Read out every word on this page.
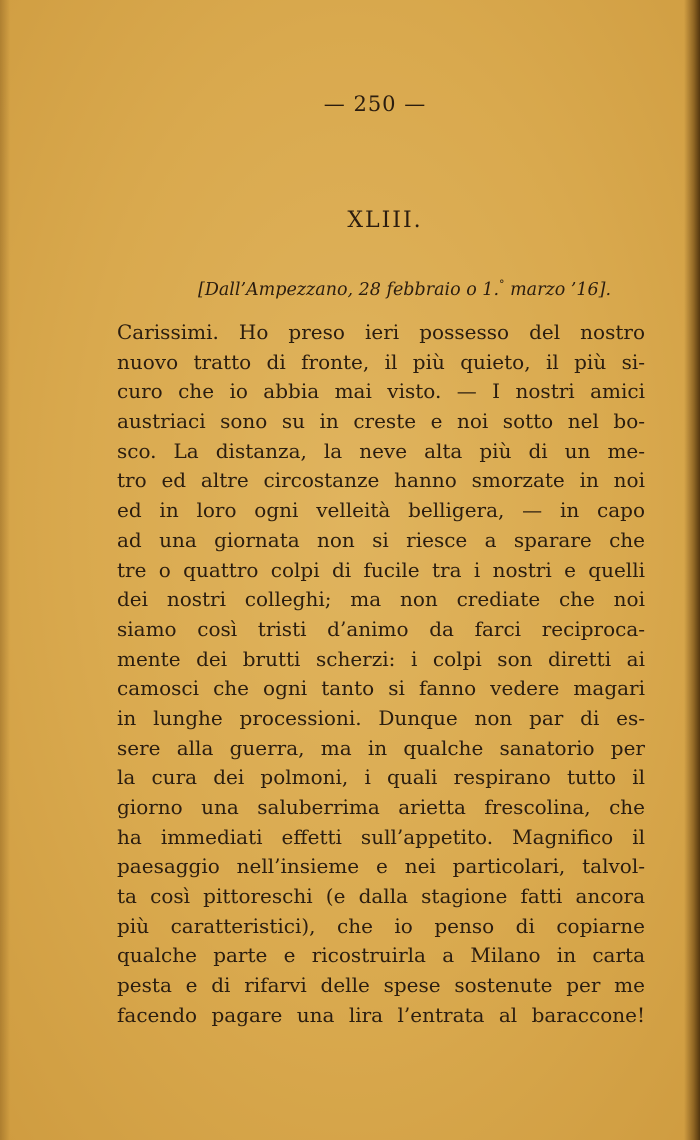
— 250 —
XLIII.
[Dall’Ampezzano, 28 febbraio o 1.° marzo ’16].
Carissimi. Ho preso ieri possesso del nostro
nuovo tratto di fronte, il più quieto, il più si-
curo che io abbia mai visto. — I nostri amici
austriaci sono su in creste e noi sotto nel bo-
sco. La distanza, la neve alta più di un me-
tro ed altre circostanze hanno smorzate in noi
ed in loro ogni velleità belligera, — in capo
ad una giornata non si riesce a sparare che
tre o quattro colpi di fucile tra i nostri e quelli
dei nostri colleghi; ma non crediate che noi
siamo così tristi d’animo da farci reciproca-
mente dei brutti scherzi: i colpi son diretti ai
camosci che ogni tanto si fanno vedere magari
in lunghe processioni. Dunque non par di es-
sere alla guerra, ma in qualche sanatorio per
la cura dei polmoni, i quali respirano tutto il
giorno una saluberrima arietta frescolina, che
ha immediati effetti sull’appetito. Magnifico il
paesaggio nell’insieme e nei particolari, talvol-
ta così pittoreschi (e dalla stagione fatti ancora
più caratteristici), che io penso di copiarne
qualche parte e ricostruirla a Milano in carta
pesta e di rifarvi delle spese sostenute per me
facendo pagare una lira l’entrata al baraccone!
